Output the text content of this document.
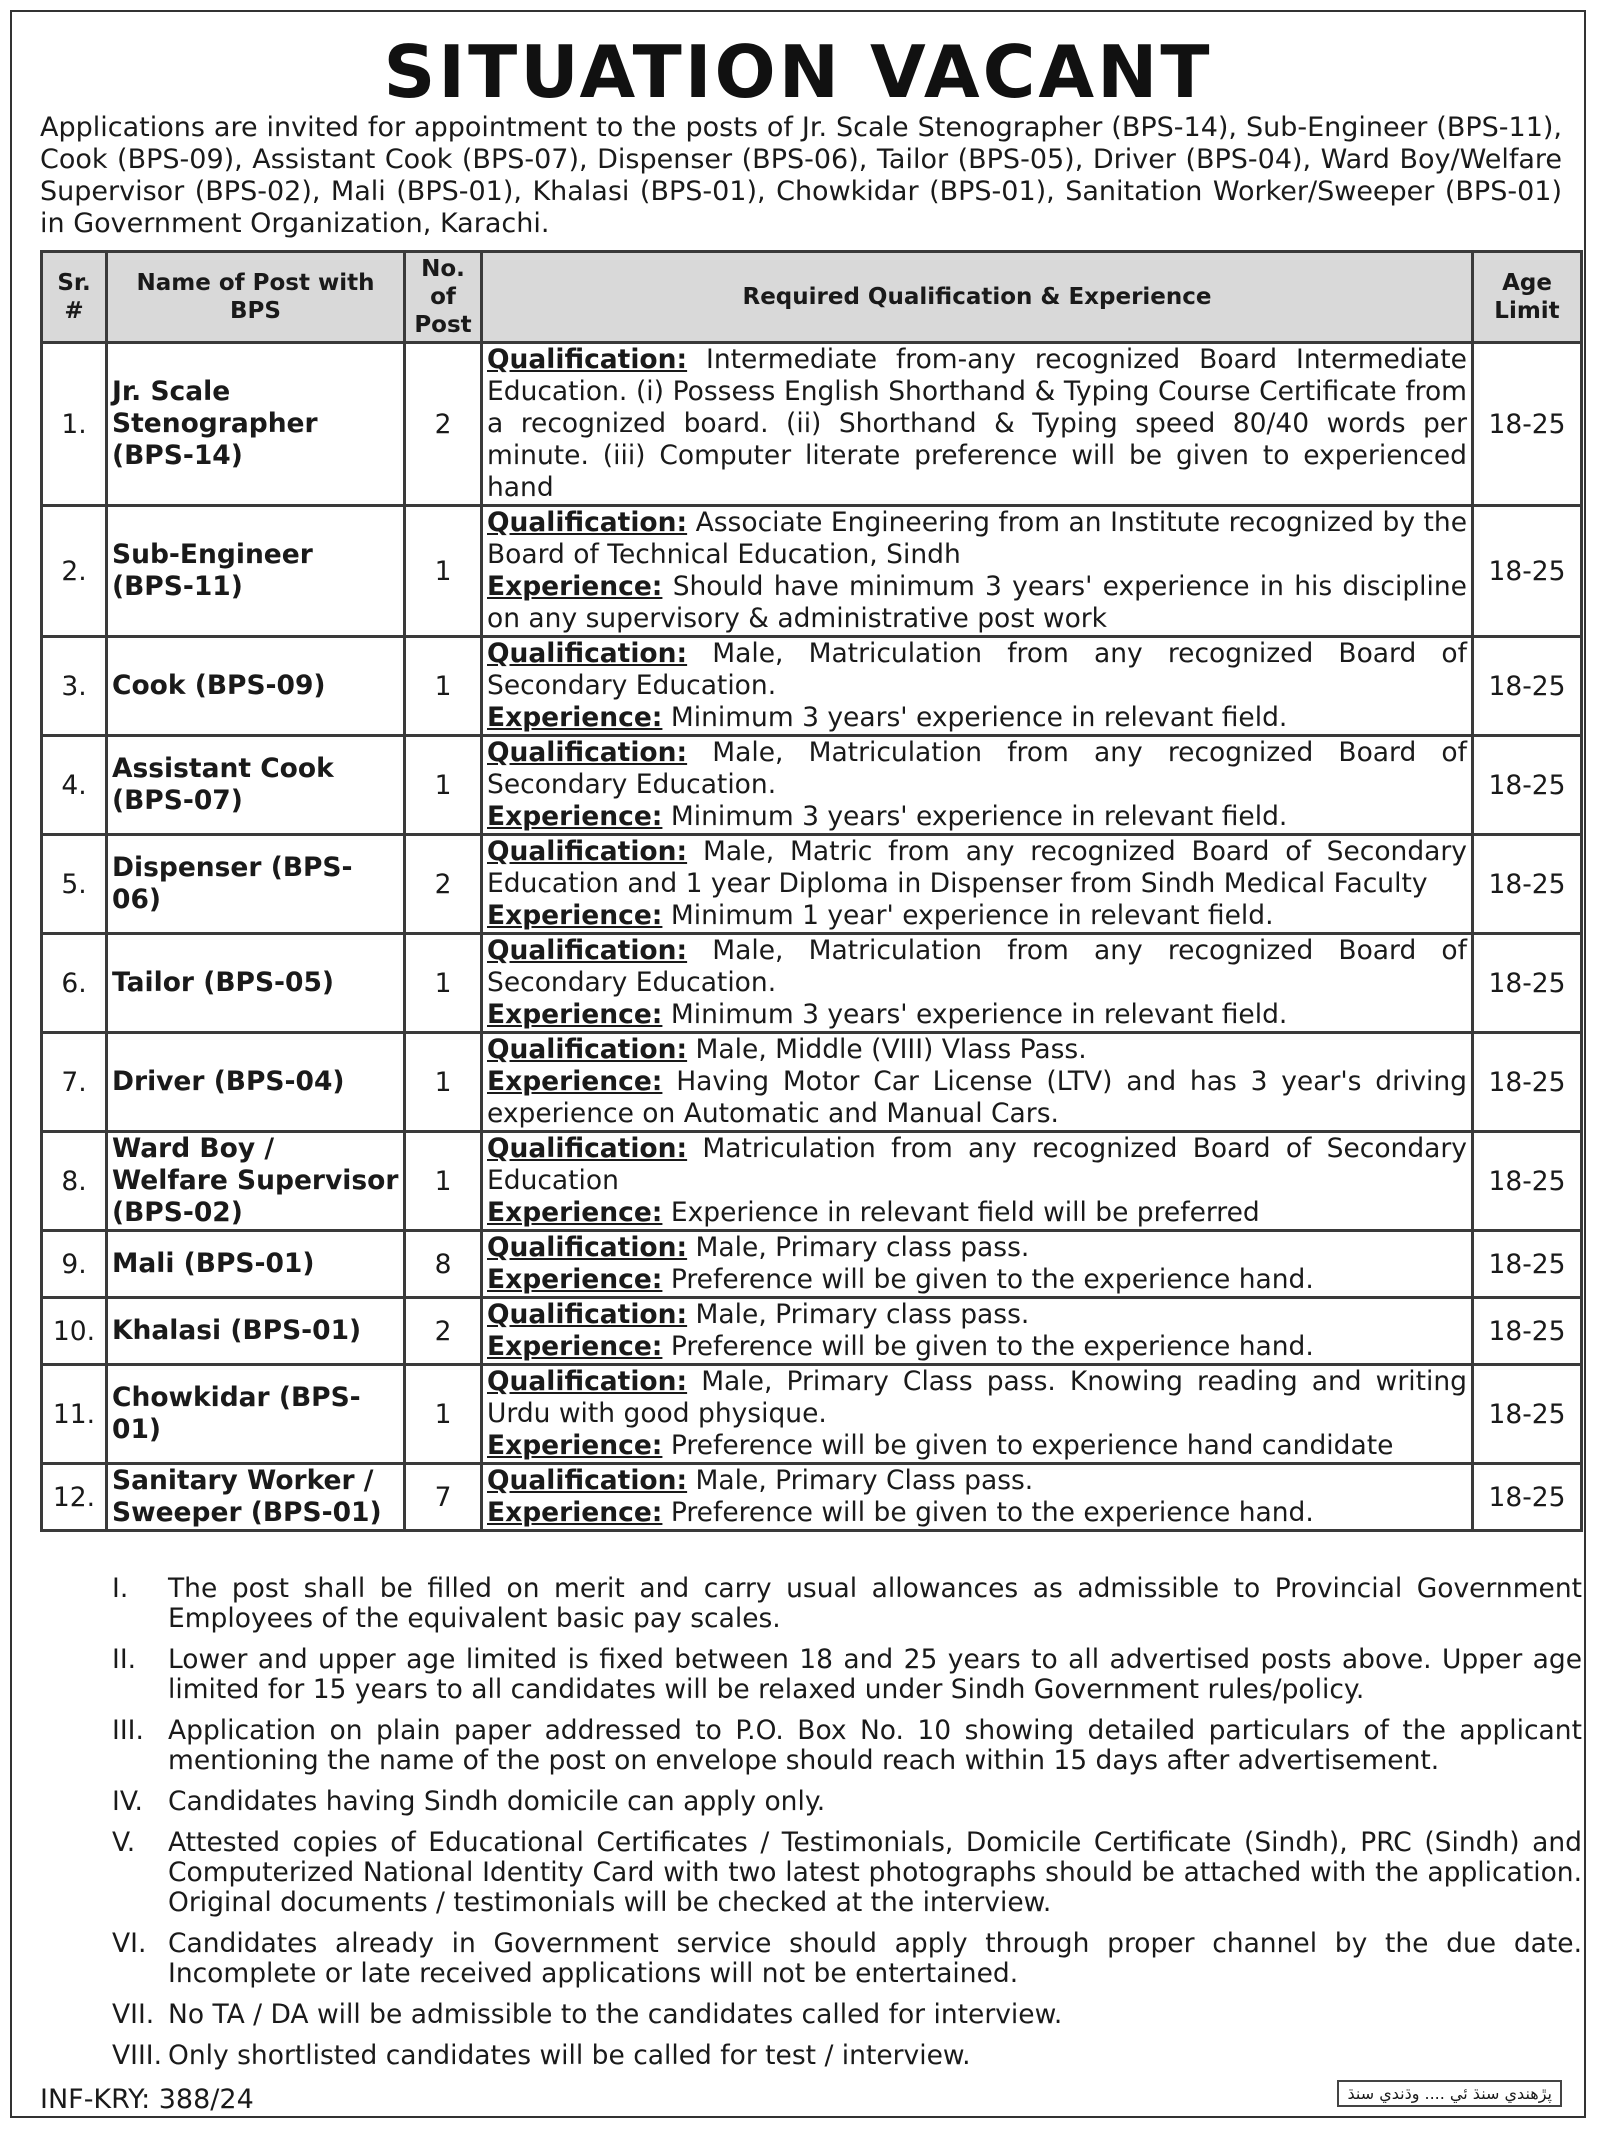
SITUATION VACANT
Applications are invited for appointment to the posts of Jr. Scale Stenographer (BPS-14), Sub-Engineer (BPS-11), Cook (BPS-09), Assistant Cook (BPS-07), Dispenser (BPS-06), Tailor (BPS-05), Driver (BPS-04), Ward Boy/Welfare Supervisor (BPS-02), Mali (BPS-01), Khalasi (BPS-01), Chowkidar (BPS-01), Sanitation Worker/Sweeper (BPS-01) in Government Organization, Karachi.
Sr. #	Name of Post with BPS	No. of Post	Required Qualification & Experience	Age Limit
1.	Jr. Scale Stenographer (BPS-14)	2	Qualification: Intermediate from-any recognized Board Intermediate Education. (i) Possess English Shorthand & Typing Course Certificate from a recognized board. (ii) Shorthand & Typing speed 80/40 words per minute. (iii) Computer literate preference will be given to experienced hand	18-25
2.	Sub-Engineer (BPS-11)	1	Qualification: Associate Engineering from an Institute recognized by the Board of Technical Education, Sindh
Experience: Should have minimum 3 years' experience in his discipline on any supervisory & administrative post work	18-25
3.	Cook (BPS-09)	1	Qualification: Male, Matriculation from any recognized Board of Secondary Education.
Experience: Minimum 3 years' experience in relevant field.	18-25
4.	Assistant Cook (BPS-07)	1	Qualification: Male, Matriculation from any recognized Board of Secondary Education.
Experience: Minimum 3 years' experience in relevant field.	18-25
5.	Dispenser (BPS-06)	2	Qualification: Male, Matric from any recognized Board of Secondary Education and 1 year Diploma in Dispenser from Sindh Medical Faculty
Experience: Minimum 1 year' experience in relevant field.	18-25
6.	Tailor (BPS-05)	1	Qualification: Male, Matriculation from any recognized Board of Secondary Education.
Experience: Minimum 3 years' experience in relevant field.	18-25
7.	Driver (BPS-04)	1	Qualification: Male, Middle (VIII) Vlass Pass.
Experience: Having Motor Car License (LTV) and has 3 year's driving experience on Automatic and Manual Cars.	18-25
8.	Ward Boy / Welfare Supervisor (BPS-02)	1	Qualification: Matriculation from any recognized Board of Secondary Education
Experience: Experience in relevant field will be preferred	18-25
9.	Mali (BPS-01)	8	Qualification: Male, Primary class pass.
Experience: Preference will be given to the experience hand.	18-25
10.	Khalasi (BPS-01)	2	Qualification: Male, Primary class pass.
Experience: Preference will be given to the experience hand.	18-25
11.	Chowkidar (BPS-01)	1	Qualification: Male, Primary Class pass. Knowing reading and writing Urdu with good physique.
Experience: Preference will be given to experience hand candidate	18-25
12.	Sanitary Worker / Sweeper (BPS-01)	7	Qualification: Male, Primary Class pass.
Experience: Preference will be given to the experience hand.	18-25
I.	The post shall be filled on merit and carry usual allowances as admissible to Provincial Government Employees of the equivalent basic pay scales.
II.	Lower and upper age limited is fixed between 18 and 25 years to all advertised posts above. Upper age limited for 15 years to all candidates will be relaxed under Sindh Government rules/policy.
III. Application on plain paper addressed to P.O. Box No. 10 showing detailed particulars of the applicant mentioning the name of the post on envelope should reach within 15 days after advertisement.
IV. Candidates having Sindh domicile can apply only.
V.	Attested copies of Educational Certificates / Testimonials, Domicile Certificate (Sindh), PRC (Sindh) and Computerized National Identity Card with two latest photographs should be attached with the application. Original documents / testimonials will be checked at the interview.
VI. Candidates already in Government service should apply through proper channel by the due date. Incomplete or late received applications will not be entertained.
VII. No TA / DA will be admissible to the candidates called for interview.
VIII. Only shortlisted candidates will be called for test / interview.
INF-KRY: 388/24	پڙهندي سنڌ ئي .... وڌندي سنڌ
